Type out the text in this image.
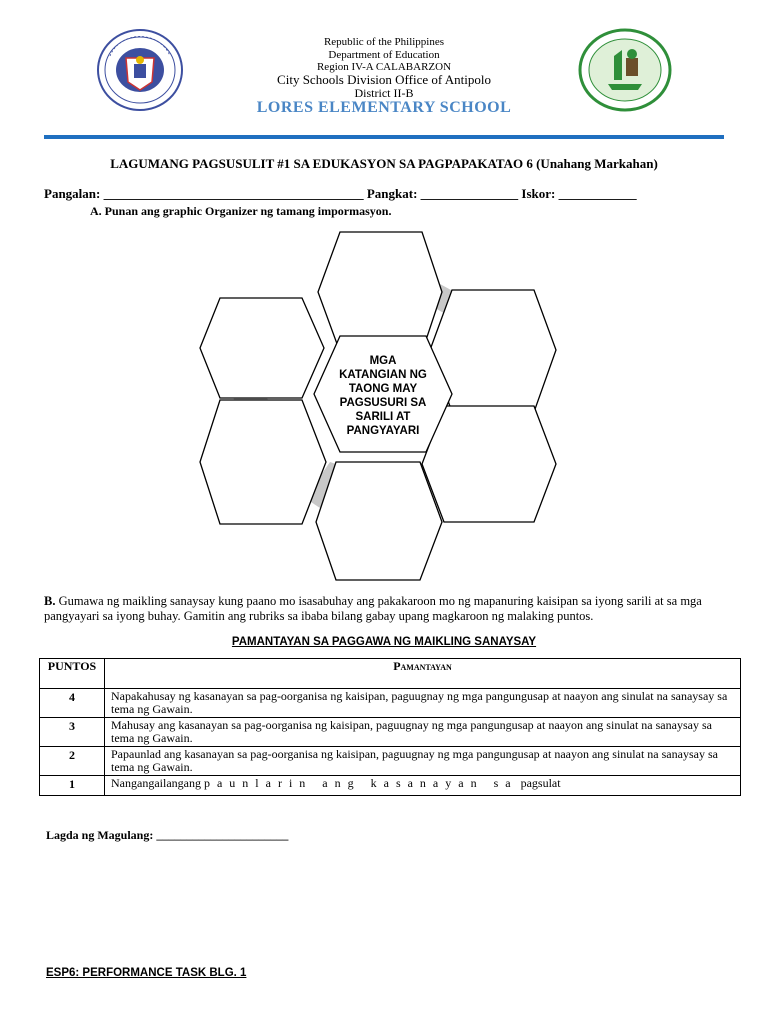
Republic of the Philippines
Department of Education
Region IV-A CALABARZON
City Schools Division Office of Antipolo
District II-B
LORES ELEMENTARY SCHOOL
LAGUMANG PAGSUSULIT #1 SA EDUKASYON SA PAGPAPAKATAO 6 (Unahang Markahan)
Pangalan: ________________________________________ Pangkat: _______________ Iskor: ____________
A. Punan ang graphic Organizer ng tamang impormasyon.
MGA
KATANGIAN NG
TAONG MAY
PAGSUSURI SA
SARILI AT
PANGYAYARI
B. Gumawa ng maikling sanaysay kung paano mo isasabuhay ang pakakaroon mo ng mapanuring kaisipan sa iyong sarili at sa mga pangyayari sa iyong buhay. Gamitin ang rubriks sa ibaba bilang gabay upang magkaroon ng malaking puntos.
PAMANTAYAN SA PAGGAWA NG MAIKLING SANAYSAY
PUNTOS	Pamantayan
4	Napakahusay ng kasanayan sa pag-oorganisa ng kaisipan, paguugnay ng mga pangungusap at naayon ang sinulat na sanaysay sa tema ng Gawain.
3	Mahusay ang kasanayan sa pag-oorganisa ng kaisipan, paguugnay ng mga pangungusap at naayon ang sinulat na sanaysay sa tema ng Gawain.
2	Papaunlad ang kasanayan sa pag-oorganisa ng kaisipan, paguugnay ng mga pangungusap at naayon ang sinulat na sanaysay sa tema ng Gawain.
1	Nangangailangang paunlarin ang kasanayan sa pagsulat
Lagda ng Magulang: ______________________
ESP6: PERFORMANCE TASK BLG. 1
